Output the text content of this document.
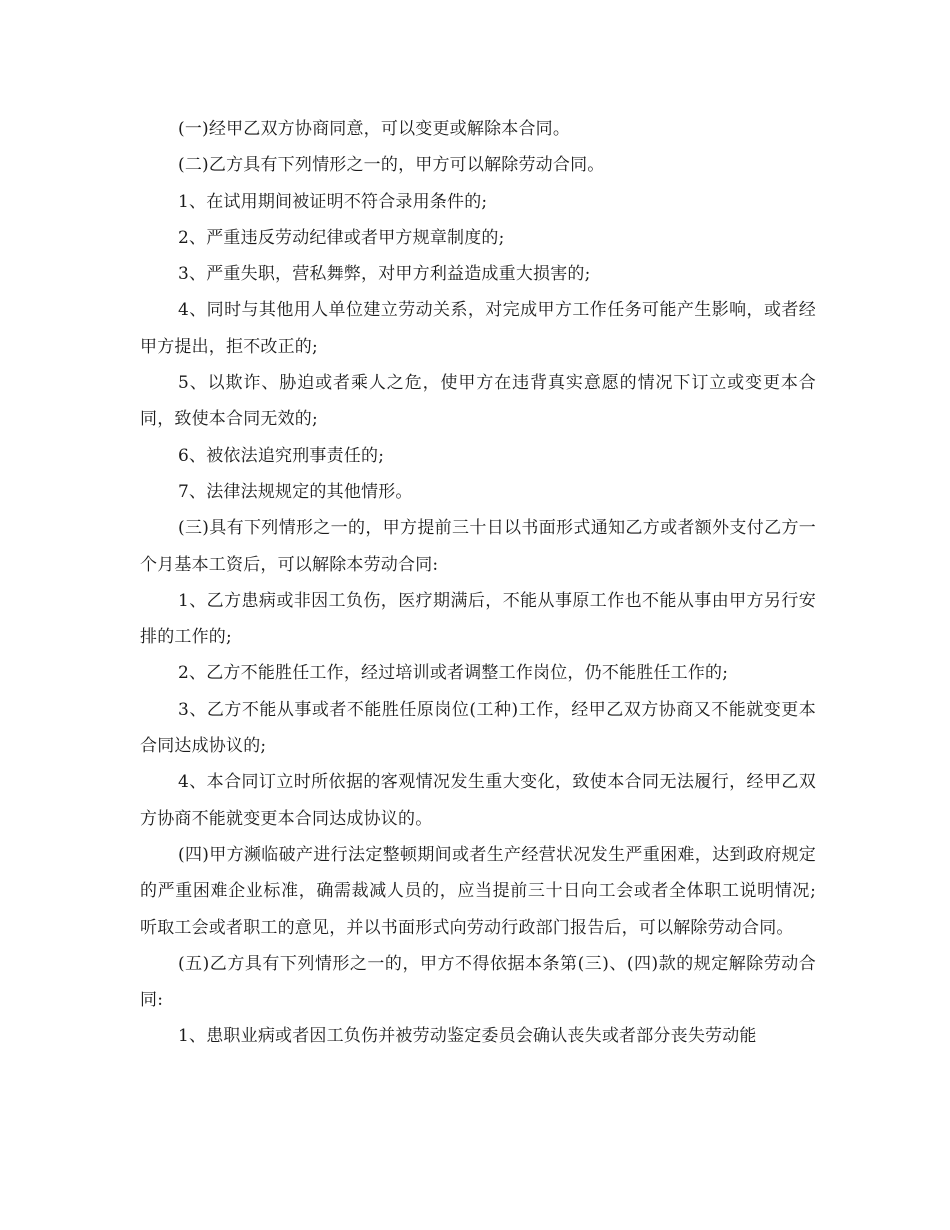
(一)经甲乙双方协商同意，可以变更或解除本合同。

(二)乙方具有下列情形之一的，甲方可以解除劳动合同。

1、在试用期间被证明不符合录用条件的;

2、严重违反劳动纪律或者甲方规章制度的;

3、严重失职，营私舞弊，对甲方利益造成重大损害的;

4、同时与其他用人单位建立劳动关系，对完成甲方工作任务可能产生影响，或者经甲方提出，拒不改正的;

5、以欺诈、胁迫或者乘人之危，使甲方在违背真实意愿的情况下订立或变更本合同，致使本合同无效的;

6、被依法追究刑事责任的;

7、法律法规规定的其他情形。

(三)具有下列情形之一的，甲方提前三十日以书面形式通知乙方或者额外支付乙方一个月基本工资后，可以解除本劳动合同:

1、乙方患病或非因工负伤，医疗期满后，不能从事原工作也不能从事由甲方另行安排的工作的;

2、乙方不能胜任工作，经过培训或者调整工作岗位，仍不能胜任工作的;

3、乙方不能从事或者不能胜任原岗位(工种)工作，经甲乙双方协商又不能就变更本合同达成协议的;

4、本合同订立时所依据的客观情况发生重大变化，致使本合同无法履行，经甲乙双方协商不能就变更本合同达成协议的。

(四)甲方濒临破产进行法定整顿期间或者生产经营状况发生严重困难，达到政府规定的严重困难企业标准，确需裁减人员的，应当提前三十日向工会或者全体职工说明情况;听取工会或者职工的意见，并以书面形式向劳动行政部门报告后，可以解除劳动合同。

(五)乙方具有下列情形之一的，甲方不得依据本条第(三)、(四)款的规定解除劳动合同:

1、患职业病或者因工负伤并被劳动鉴定委员会确认丧失或者部分丧失劳动能
